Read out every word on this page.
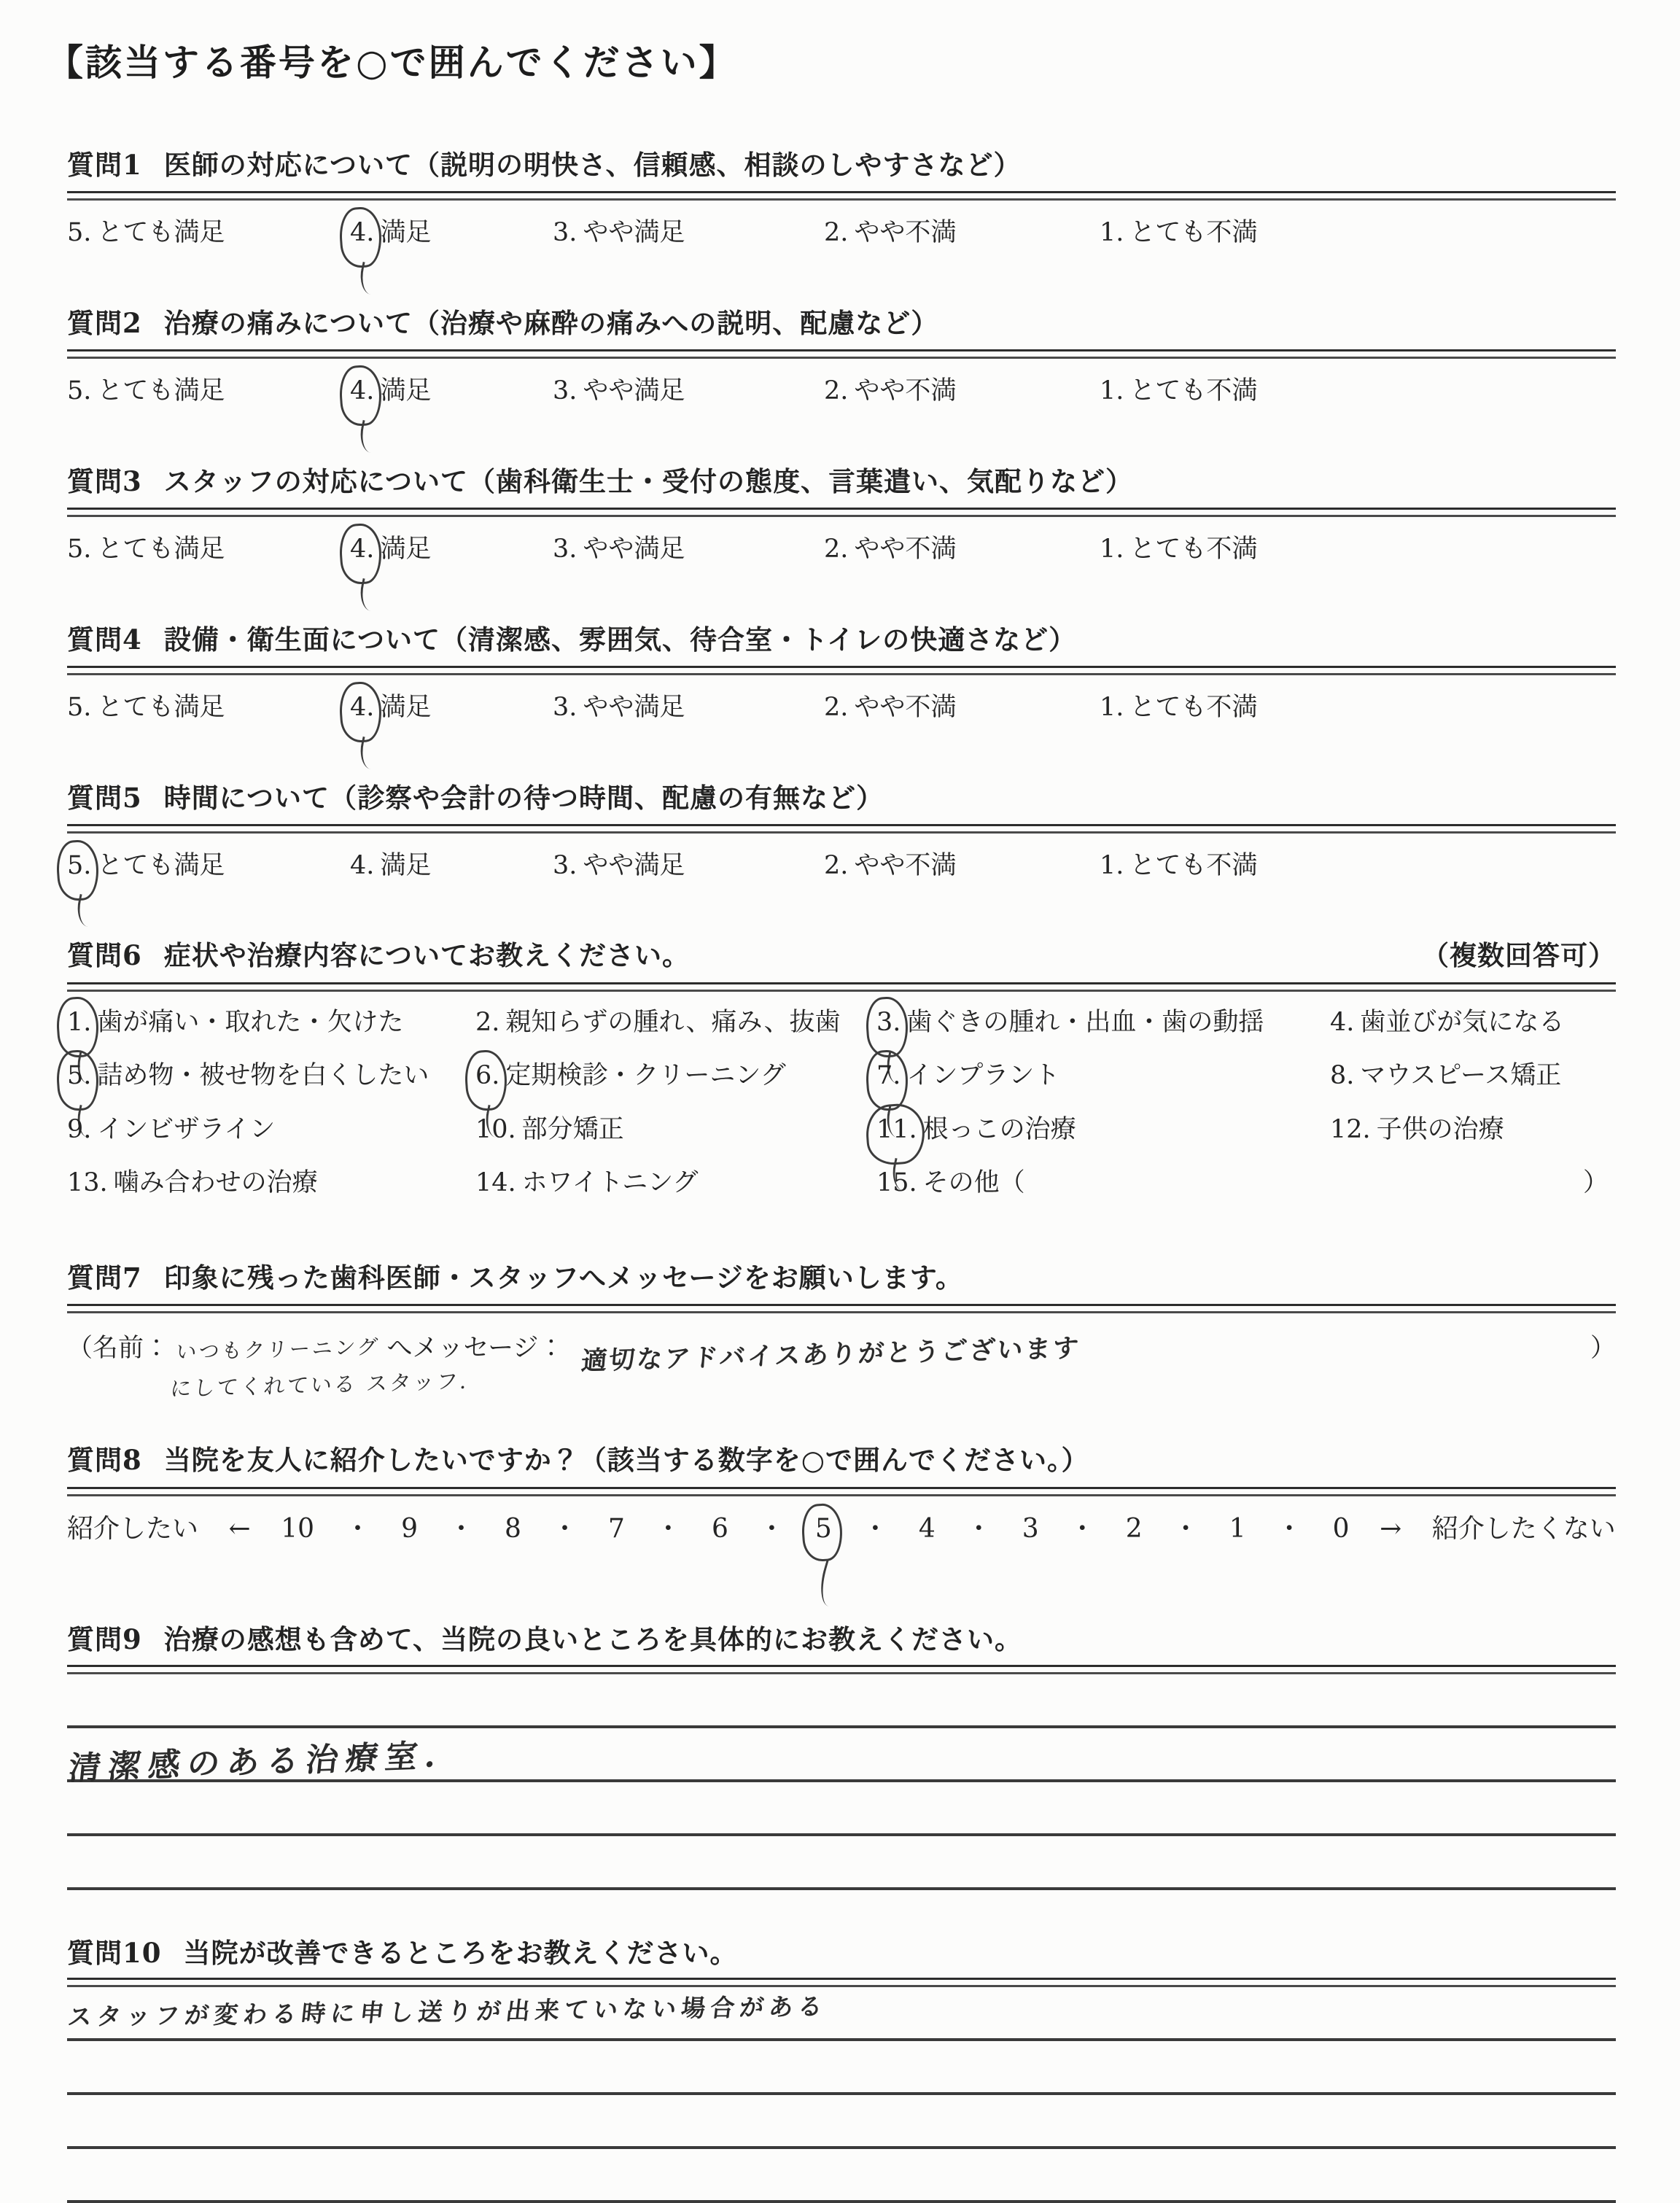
【該当する番号を○で囲んでください】
質問1 医師の対応について（説明の明快さ、信頼感、相談のしやすさなど）
5. とても満足	4. 満足	3. やや満足	2. やや不満	1. とても不満
質問2 治療の痛みについて（治療や麻酔の痛みへの説明、配慮など）
5. とても満足	4. 満足	3. やや満足	2. やや不満	1. とても不満
質問3 スタッフの対応について（歯科衛生士・受付の態度、言葉遣い、気配りなど）
5. とても満足	4. 満足	3. やや満足	2. やや不満	1. とても不満
質問4 設備・衛生面について（清潔感、雰囲気、待合室・トイレの快適さなど）
5. とても満足	4. 満足	3. やや満足	2. やや不満	1. とても不満
質問5 時間について（診察や会計の待つ時間、配慮の有無など）
5. とても満足	4. 満足	3. やや満足	2. やや不満	1. とても不満
質問6 症状や治療内容についてお教えください。	（複数回答可）
1. 歯が痛い・取れた・欠けた	2. 親知らずの腫れ、痛み、抜歯 3. 歯ぐきの腫れ・出血・歯の動揺	4. 歯並びが気になる
5. 詰め物・被せ物を白くしたい 6. 定期検診・クリーニング	7. インプラント	8. マウスピース矯正
9. インビザライン	10. 部分矯正	11. 根っこの治療	12. 子供の治療
13. 噛み合わせの治療	14. ホワイトニング	15. その他（	）
質問7 印象に残った歯科医師・スタッフへメッセージをお願いします。
（名前： いつもクリーニング へメッセージ： 適切なアドバイスありがとうございます	）
にしてくれている スタッフ.
質問8 当院を友人に紹介したいですか？（該当する数字を○で囲んでください。）
紹介したい ← 10 ・ 9 ・ 8 ・ 7 ・ 6 ・ 5 ・ 4 ・ 3 ・ 2 ・ 1 ・ 0 → 紹介したくない
質問9 治療の感想も含めて、当院の良いところを具体的にお教えください。
清潔感のある治療室.
質問10 当院が改善できるところをお教えください。
スタッフが変わる時に申し送りが出来ていない場合がある
